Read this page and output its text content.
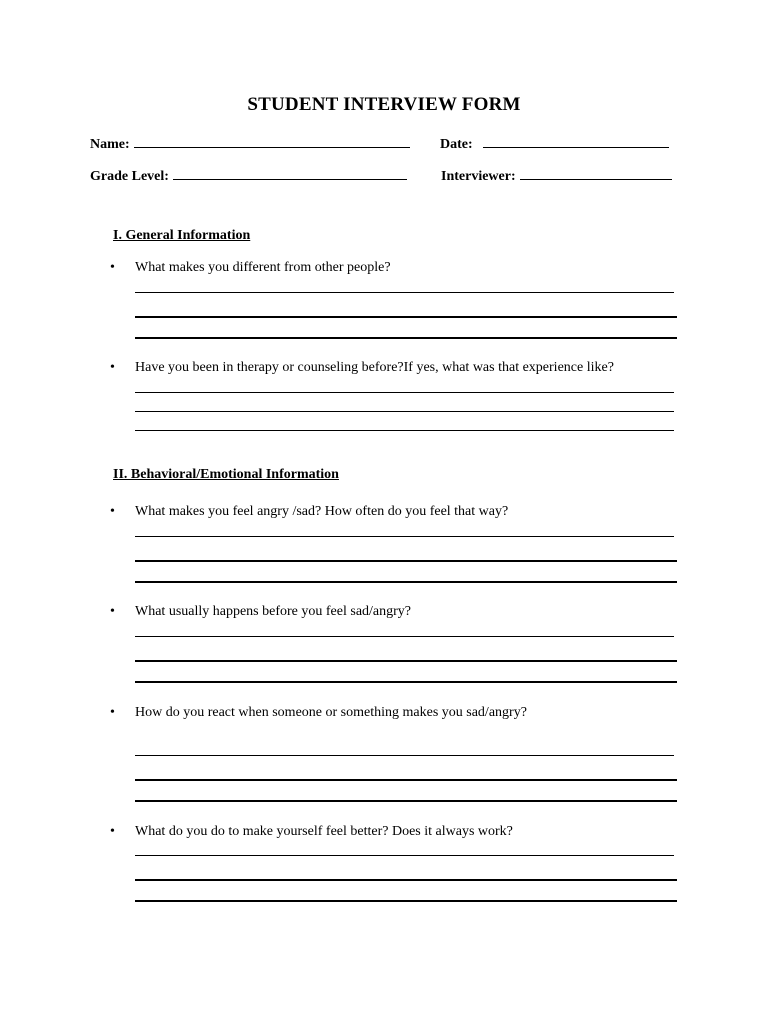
STUDENT INTERVIEW FORM
Name:	Date:
Grade Level:	Interviewer:
I. General Information
•	What makes you different from other people?
•	Have you been in therapy or counseling before?If yes, what was that experience like?
II. Behavioral/Emotional Information
•	What makes you feel angry /sad? How often do you feel that way?
•	What usually happens before you feel sad/angry?
•	How do you react when someone or something makes you sad/angry?
•	What do you do to make yourself feel better? Does it always work?
